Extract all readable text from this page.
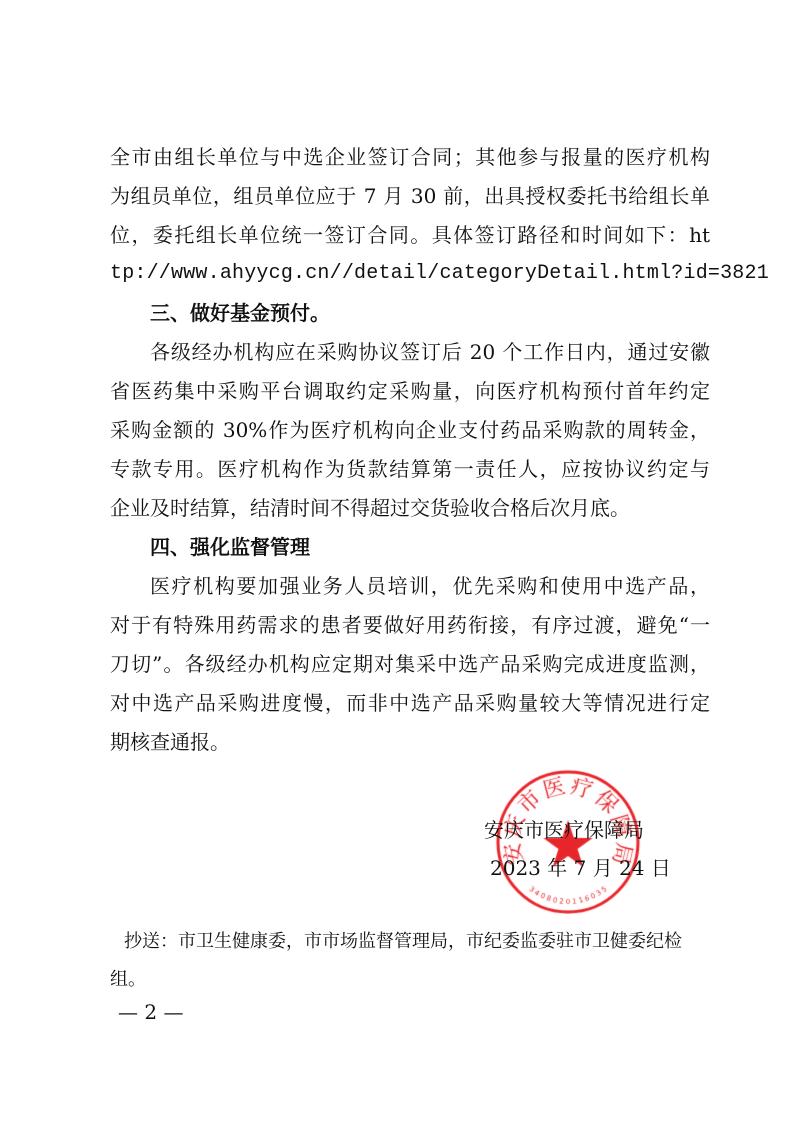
全市由组长单位与中选企业签订合同；其他参与报量的医疗机构
为组员单位，组员单位应于 7 月 30 前，出具授权委托书给组长单
位，委托组长单位统一签订合同。具体签订路径和时间如下：ht
tp://www.ahyycg.cn//detail/categoryDetail.html?id=3821
三、做好基金预付。
各级经办机构应在采购协议签订后 20 个工作日内，通过安徽
省医药集中采购平台调取约定采购量，向医疗机构预付首年约定
采购金额的 30%作为医疗机构向企业支付药品采购款的周转金，
专款专用。医疗机构作为货款结算第一责任人，应按协议约定与
企业及时结算，结清时间不得超过交货验收合格后次月底。
四、强化监督管理
医疗机构要加强业务人员培训，优先采购和使用中选产品，
对于有特殊用药需求的患者要做好用药衔接，有序过渡，避免“一
刀切”。各级经办机构应定期对集采中选产品采购完成进度监测，
对中选产品采购进度慢，而非中选产品采购量较大等情况进行定
期核查通报。
安庆市医疗保障局
2023 年 7 月 24 日
抄送：市卫生健康委，市市场监督管理局，市纪委监委驻市卫健委纪检
组。
— 2 —
